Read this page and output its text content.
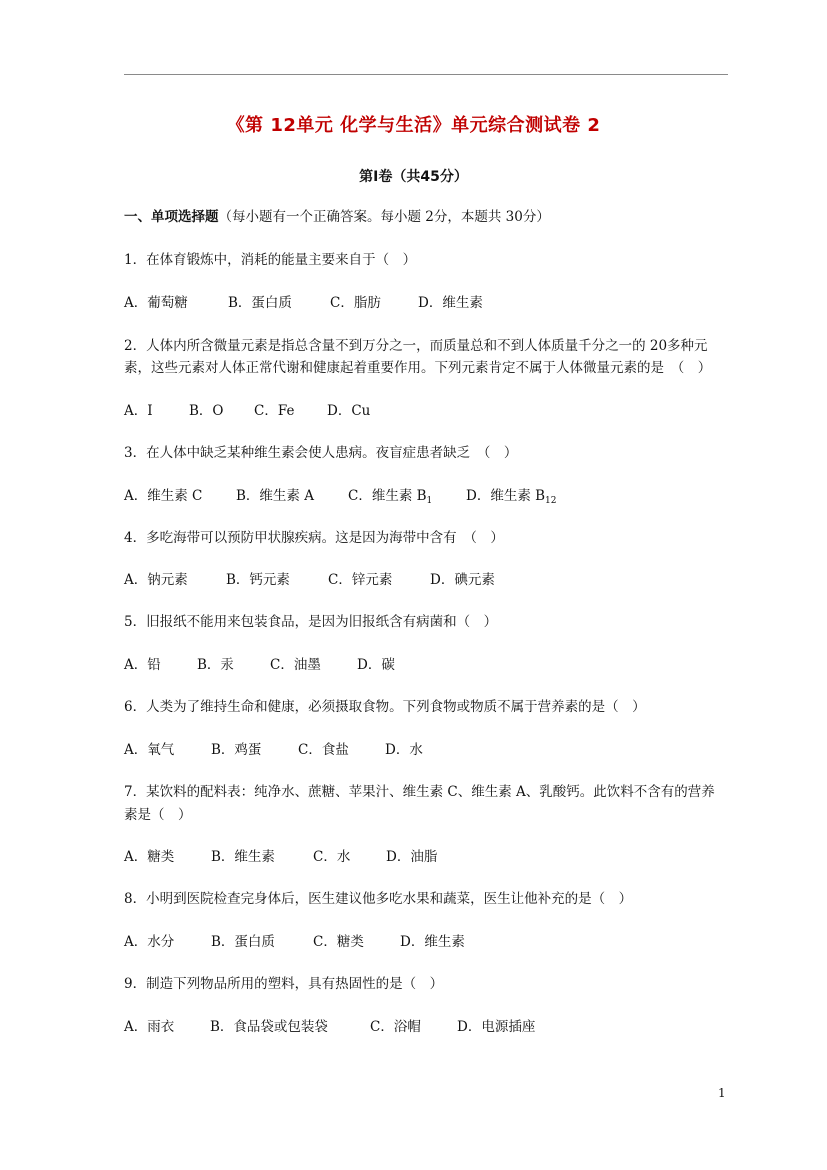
《第 12单元 化学与生活》单元综合测试卷 2
第Ⅰ卷（共45分）
一、单项选择题（每小题有一个正确答案。每小题 2分，本题共 30分）
1．在体育锻炼中，消耗的能量主要来自于（　）
A．葡萄糖	B．蛋白质	C．脂肪	D．维生素
2．人体内所含微量元素是指总含量不到万分之一，而质量总和不到人体质量千分之一的 20多种元
素，这些元素对人体正常代谢和健康起着重要作用。下列元素肯定不属于人体微量元素的是　（　）
A．I	B．O C．Fe D．Cu
3．在人体中缺乏某种维生素会使人患病。夜盲症患者缺乏　（　）
A．维生素 C B．维生素 A	C．维生素 $B_1$ D．维生素 $B_{12}$
4．多吃海带可以预防甲状腺疾病。这是因为海带中含有　（　）
A．钠元素	B．钙元素	C．锌元素	D．碘元素
5．旧报纸不能用来包装食品，是因为旧报纸含有病菌和（　）
A．铅	B．汞	C．油墨	D．碳
6．人类为了维持生命和健康，必须摄取食物。下列食物或物质不属于营养素的是（　）
A．氧气	B．鸡蛋	C．食盐	D．水
7．某饮料的配料表：纯净水、蔗糖、苹果汁、维生素 C、维生素 A、乳酸钙。此饮料不含有的营养
素是（　）
A．糖类	B．维生素	C．水	D．油脂
8．小明到医院检查完身体后，医生建议他多吃水果和蔬菜，医生让他补充的是（　）
A．水分	B．蛋白质	C．糖类	D．维生素
9．制造下列物品所用的塑料，具有热固性的是（　）
A．雨衣	B．食品袋或包装袋	C．浴帽	D．电源插座
1
